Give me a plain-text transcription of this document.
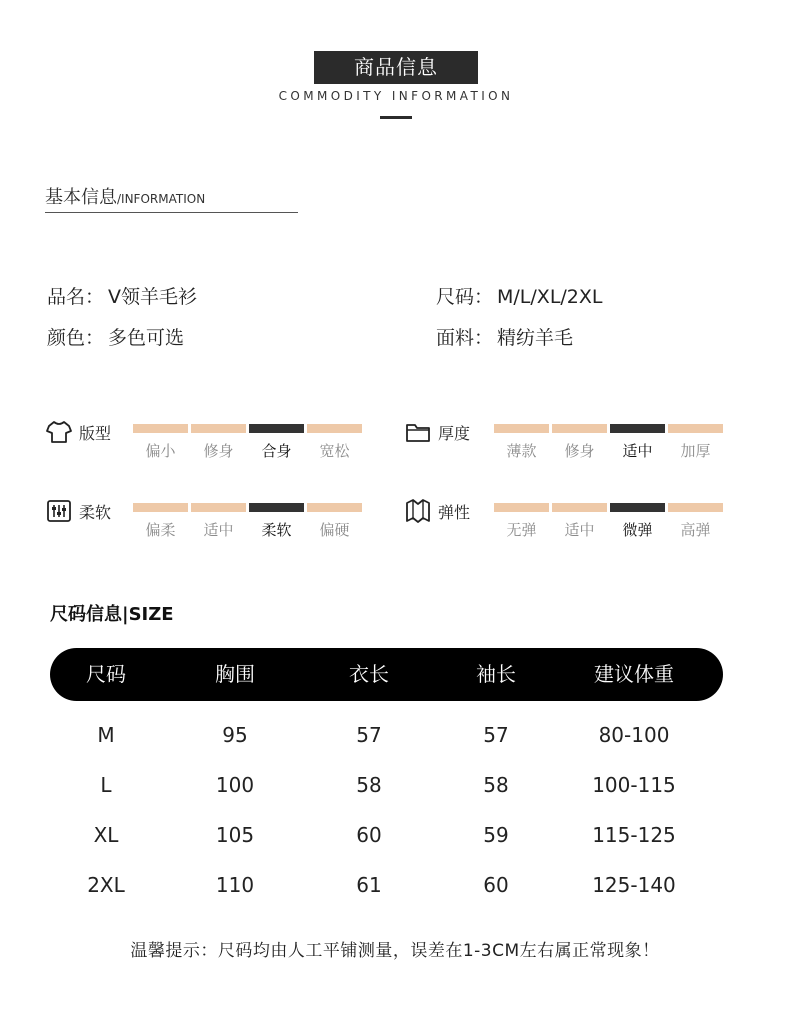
商品信息
COMMODITY INFORMATION
基本信息/INFORMATION
品名： V领羊毛衫	尺码： M/L/XL/2XL
颜色： 多色可选	面料： 精纺羊毛
版型
偏小	修身	合身	宽松
厚度
薄款	修身	适中	加厚
柔软
偏柔	适中	柔软	偏硬
弹性
无弹	适中	微弹	高弹
尺码信息|SIZE
尺码	胸围	衣长	袖长	建议体重
M	95	57	57	80-100
L	100	58	58	100-115
XL	105	60	59	115-125
2XL	110	61	60	125-140
温馨提示：尺码均由人工平铺测量，误差在1-3CM左右属正常现象！
